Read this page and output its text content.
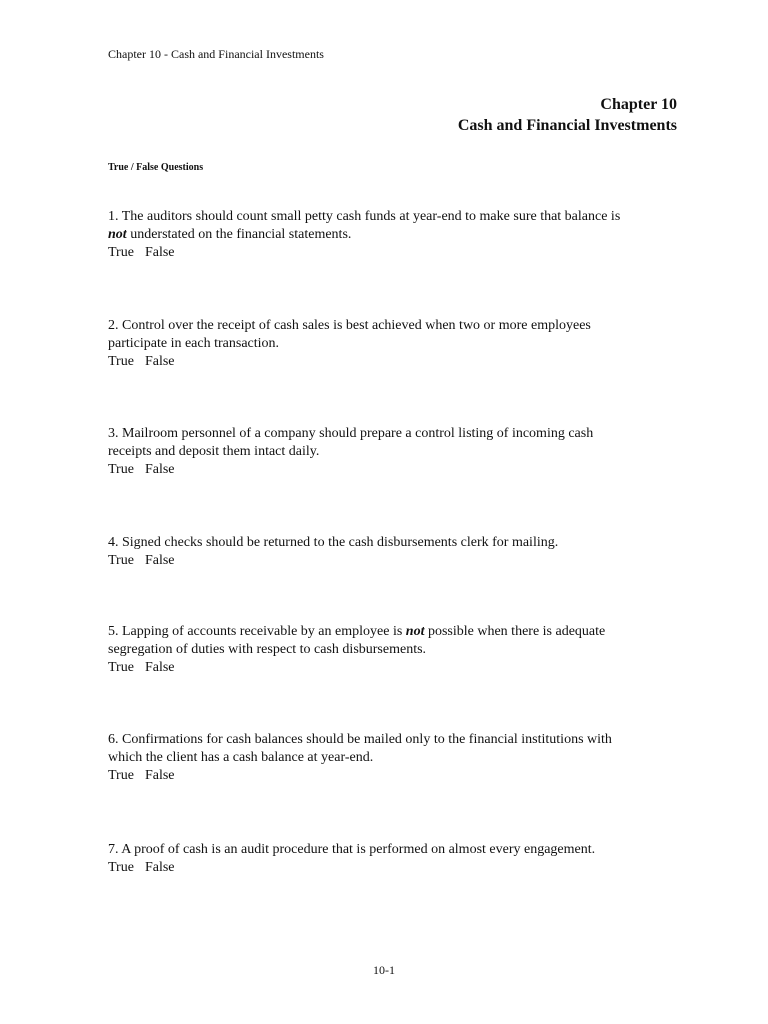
Chapter 10 - Cash and Financial Investments
Chapter 10
Cash and Financial Investments
True / False Questions
1. The auditors should count small petty cash funds at year-end to make sure that balance is
not understated on the financial statements.
True False
2. Control over the receipt of cash sales is best achieved when two or more employees
participate in each transaction.
True False
3. Mailroom personnel of a company should prepare a control listing of incoming cash
receipts and deposit them intact daily.
True False
4. Signed checks should be returned to the cash disbursements clerk for mailing.
True False
5. Lapping of accounts receivable by an employee is not possible when there is adequate
segregation of duties with respect to cash disbursements.
True False
6. Confirmations for cash balances should be mailed only to the financial institutions with
which the client has a cash balance at year-end.
True False
7. A proof of cash is an audit procedure that is performed on almost every engagement.
True False
10-1
